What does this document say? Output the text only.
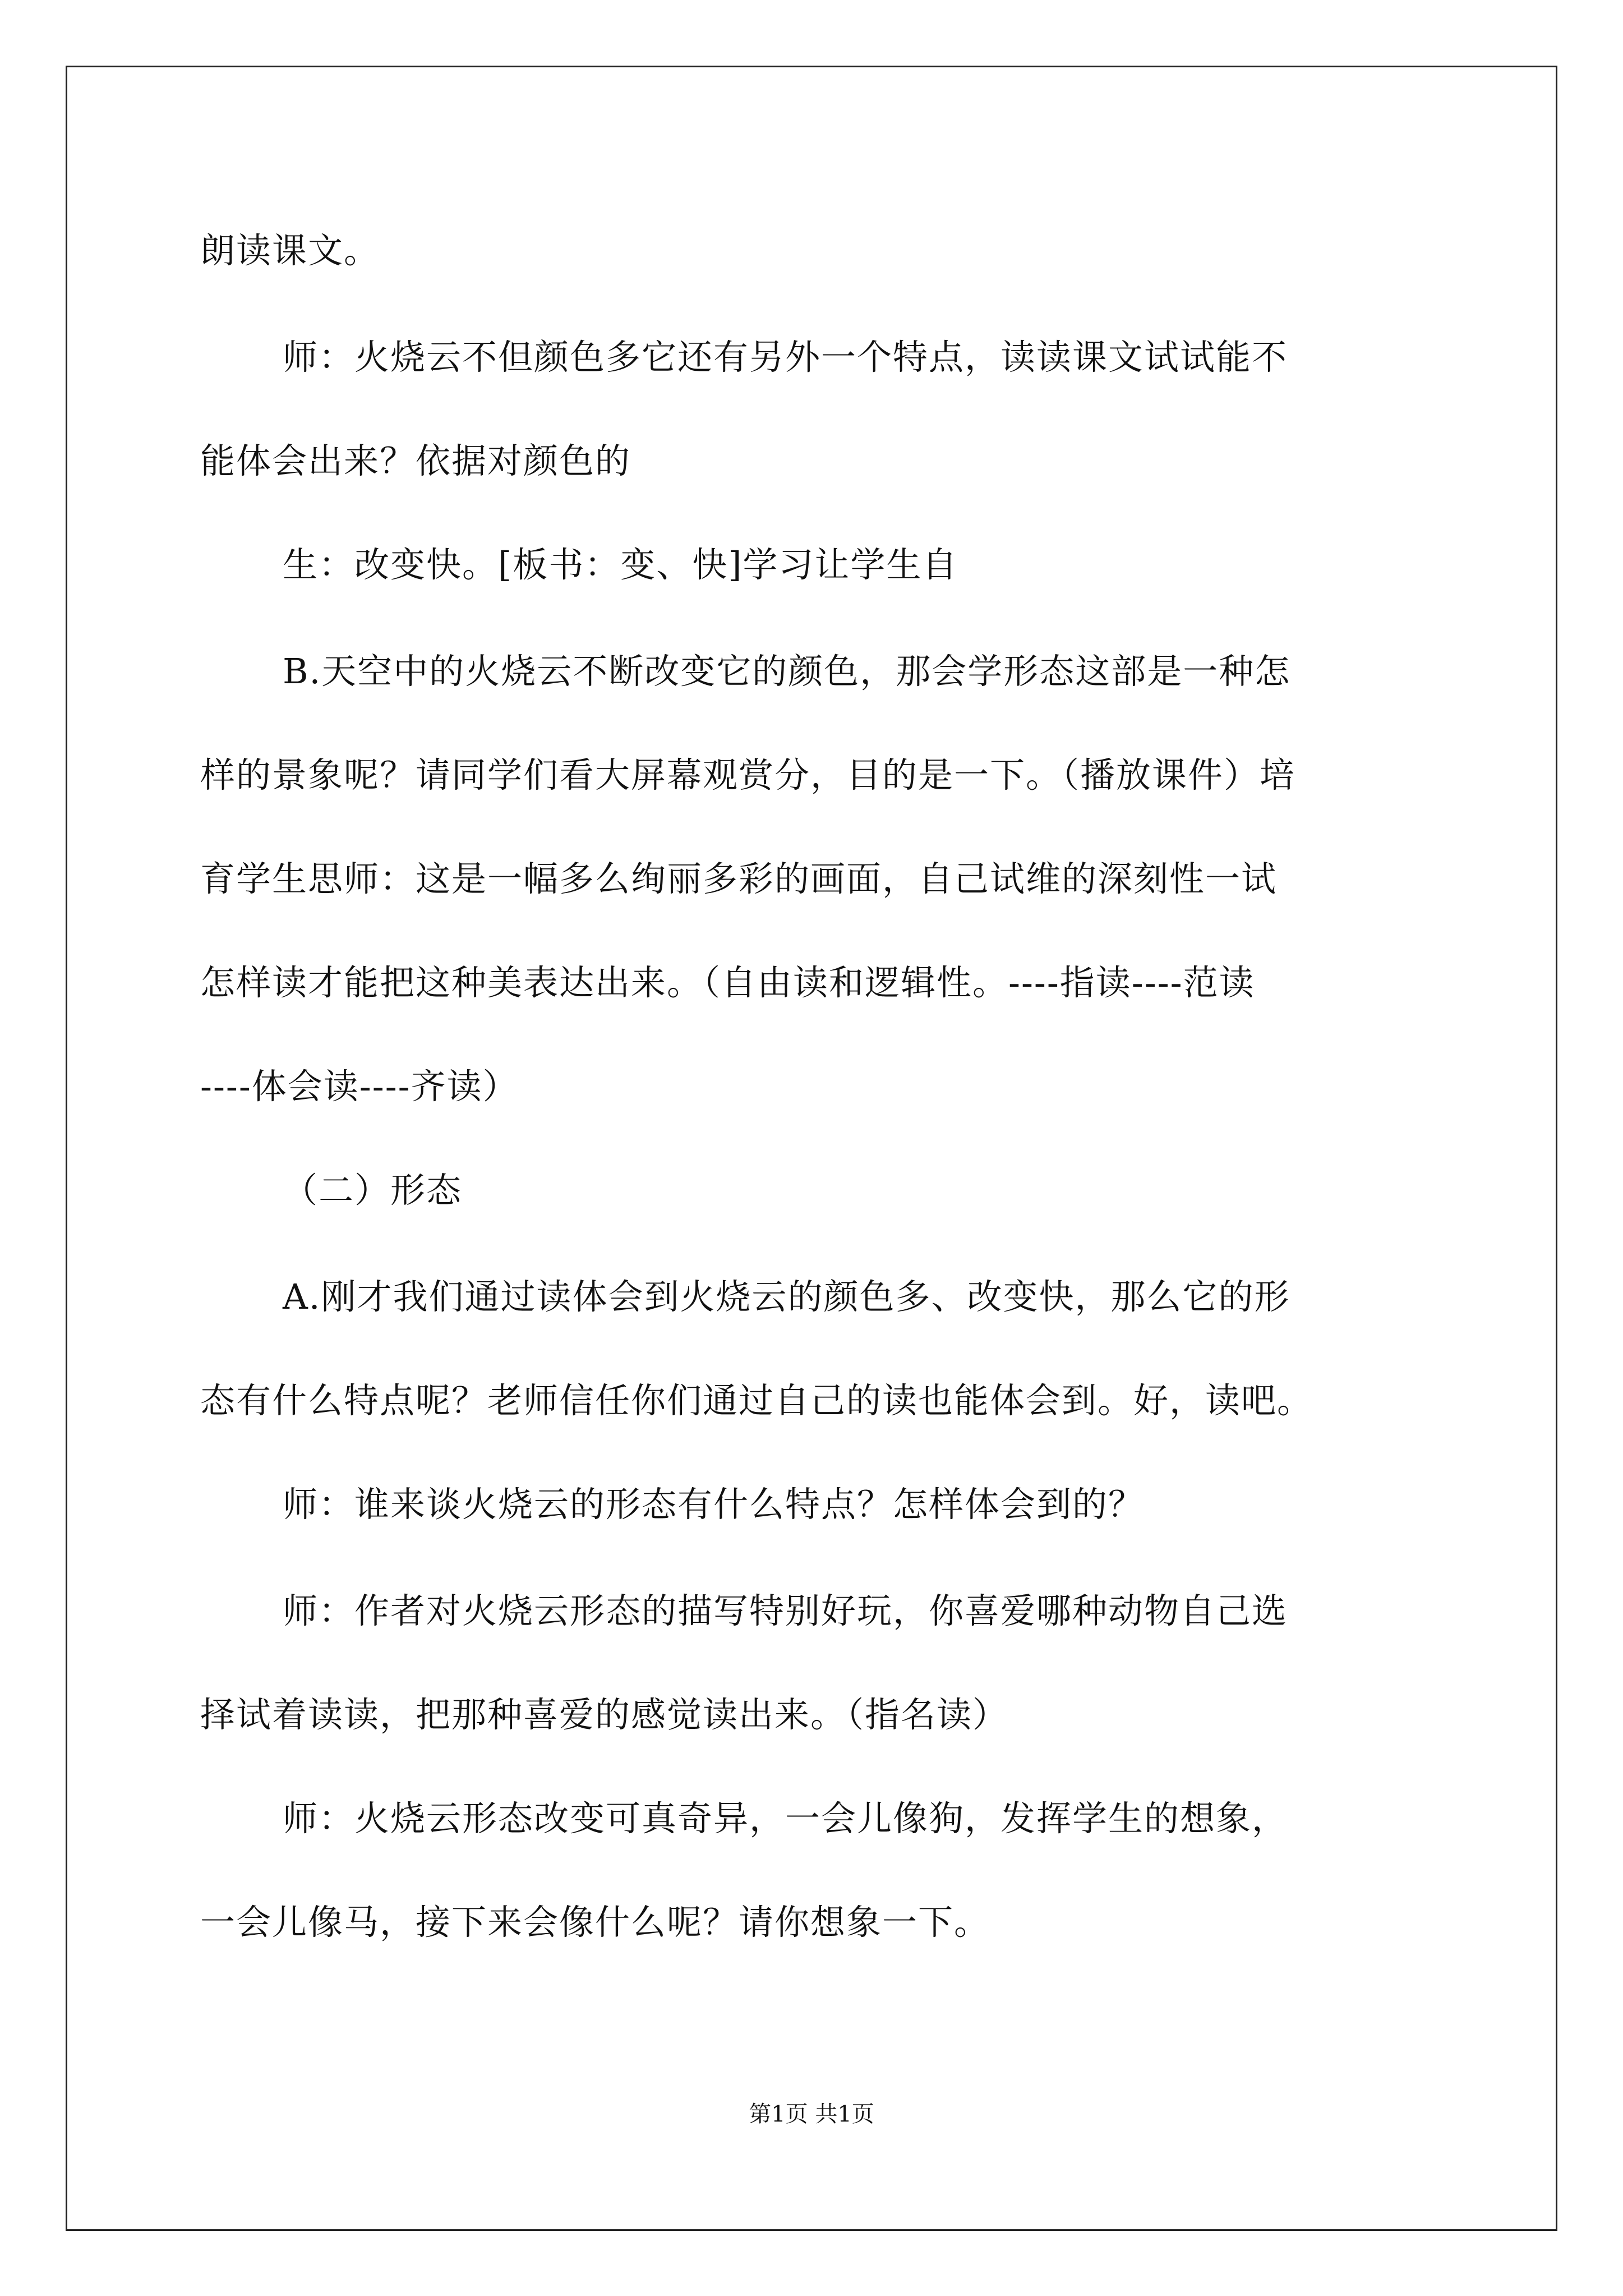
朗读课文。
师：火烧云不但颜色多它还有另外一个特点，读读课文试试能不
能体会出来？依据对颜色的
生：改变快。[板书：变、快]学习让学生自
B.天空中的火烧云不断改变它的颜色，那会学形态这部是一种怎
样的景象呢？请同学们看大屏幕观赏分，目的是一下。（播放课件）培
育学生思师：这是一幅多么绚丽多彩的画面，自己试维的深刻性一试
怎样读才能把这种美表达出来。（自由读和逻辑性。----指读----范读
----体会读----齐读）
（二）形态
A.刚才我们通过读体会到火烧云的颜色多、改变快，那么它的形
态有什么特点呢？老师信任你们通过自己的读也能体会到。好，读吧。
师：谁来谈火烧云的形态有什么特点？怎样体会到的？
师：作者对火烧云形态的描写特别好玩，你喜爱哪种动物自己选
择试着读读，把那种喜爱的感觉读出来。（指名读）
师：火烧云形态改变可真奇异，一会儿像狗，发挥学生的想象，
一会儿像马，接下来会像什么呢？请你想象一下。
第1页 共1页
